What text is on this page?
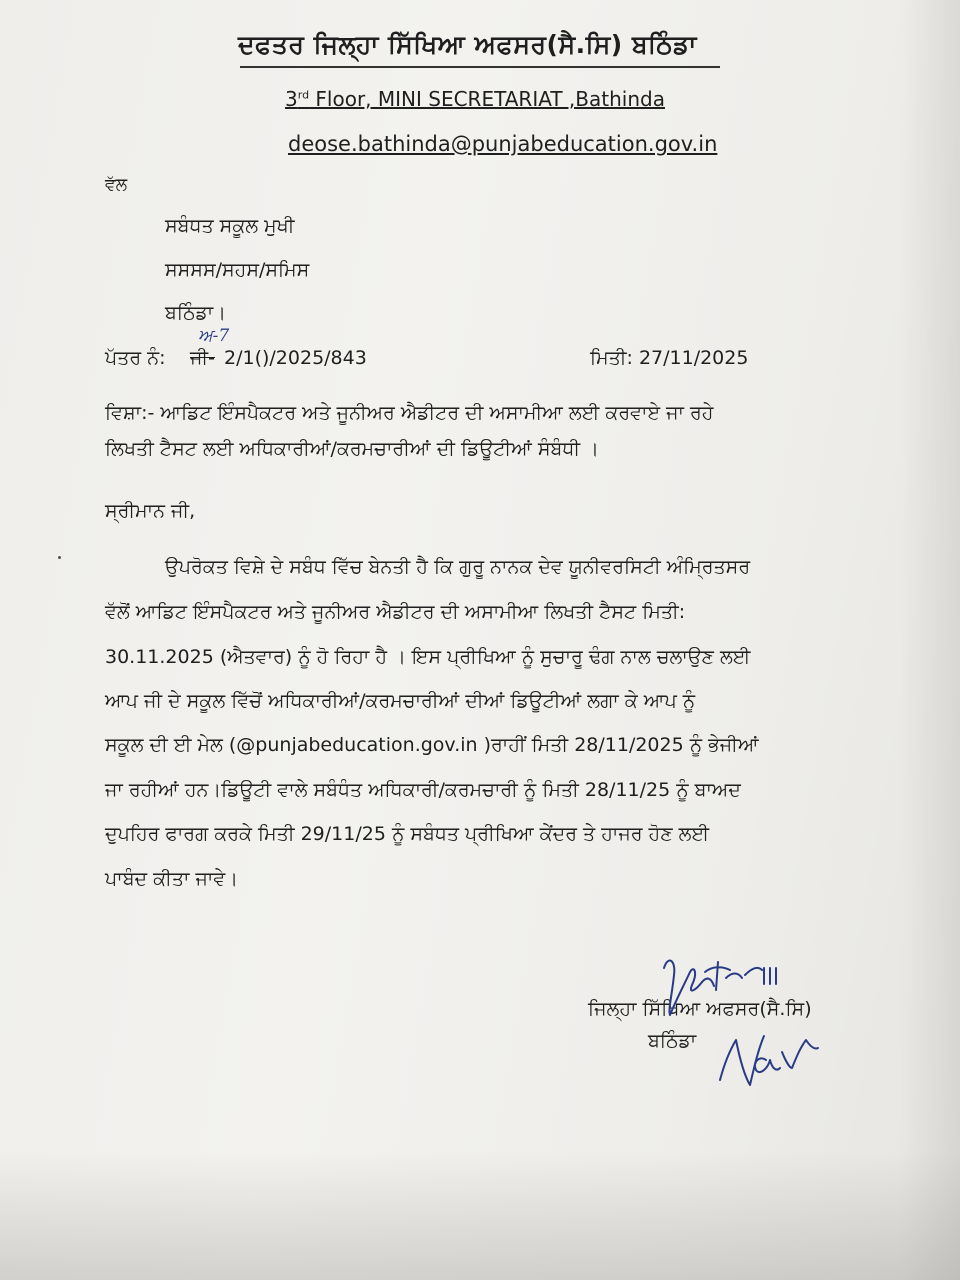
ਦਫਤਰ ਜਿਲ੍ਹਾ ਸਿੱਖਿਆ ਅਫਸਰ(ਸੈ.ਸਿ) ਬਠਿੰਡਾ

3rd Floor, MINI SECRETARIAT ,Bathinda

deose.bathinda@punjabeducation.gov.in

ਵੱਲ

ਸਬੰਧਤ ਸਕੂਲ ਮੁਖੀ

ਸਸਸਸ/ਸਹਸ/ਸਮਿਸ

ਬਠਿੰਡਾ।

ਪੱਤਰ ਨੰ: ਜੀ-

ਅ-7

2/1()/2025/843	ਮਿਤੀ: 27/11/2025

ਵਿਸ਼ਾ:- ਆਡਿਟ ਇੰਸਪੈਕਟਰ ਅਤੇ ਜੂਨੀਅਰ ਐਡੀਟਰ ਦੀ ਅਸਾਮੀਆ ਲਈ ਕਰਵਾਏ ਜਾ ਰਹੇ

ਲਿਖਤੀ ਟੈਸਟ ਲਈ ਅਧਿਕਾਰੀਆਂ/ਕਰਮਚਾਰੀਆਂ ਦੀ ਡਿਊਟੀਆਂ ਸੰਬੰਧੀ ।

ਸ੍ਰੀਮਾਨ ਜੀ,

ਉਪਰੋਕਤ ਵਿਸ਼ੇ ਦੇ ਸਬੰਧ ਵਿੱਚ ਬੇਨਤੀ ਹੈ ਕਿ ਗੁਰੂ ਨਾਨਕ ਦੇਵ ਯੂਨੀਵਰਸਿਟੀ ਅੰਮ੍ਰਿਤਸਰ

ਵੱਲੋਂ ਆਡਿਟ ਇੰਸਪੈਕਟਰ ਅਤੇ ਜੂਨੀਅਰ ਐਡੀਟਰ ਦੀ ਅਸਾਮੀਆ ਲਿਖਤੀ ਟੈਸਟ ਮਿਤੀ:

30.11.2025 (ਐਤਵਾਰ) ਨੂੰ ਹੋ ਰਿਹਾ ਹੈ । ਇਸ ਪ੍ਰੀਖਿਆ ਨੂੰ ਸੁਚਾਰੂ ਢੰਗ ਨਾਲ ਚਲਾਉਣ ਲਈ

ਆਪ ਜੀ ਦੇ ਸਕੂਲ ਵਿੱਚੋਂ ਅਧਿਕਾਰੀਆਂ/ਕਰਮਚਾਰੀਆਂ ਦੀਆਂ ਡਿਊਟੀਆਂ ਲਗਾ ਕੇ ਆਪ ਨੂੰ

ਸਕੂਲ ਦੀ ਈ ਮੇਲ (@punjabeducation.gov.in )ਰਾਹੀਂ ਮਿਤੀ 28/11/2025 ਨੂੰ ਭੇਜੀਆਂ

ਜਾ ਰਹੀਆਂ ਹਨ।ਡਿਊਟੀ ਵਾਲੇ ਸਬੰਧੰਤ ਅਧਿਕਾਰੀ/ਕਰਮਚਾਰੀ ਨੂੰ ਮਿਤੀ 28/11/25 ਨੂੰ ਬਾਅਦ

ਦੁਪਹਿਰ ਫਾਰਗ ਕਰਕੇ ਮਿਤੀ 29/11/25 ਨੂੰ ਸਬੰਧਤ ਪ੍ਰੀਖਿਆ ਕੇਂਦਰ ਤੇ ਹਾਜਰ ਹੋਣ ਲਈ

ਪਾਬੰਦ ਕੀਤਾ ਜਾਵੇ।

ਜਿਲ੍ਹਾ ਸਿੱਖਿਆ ਅਫਸਰ(ਸੈ.ਸਿ)

ਬਠਿੰਡਾ
